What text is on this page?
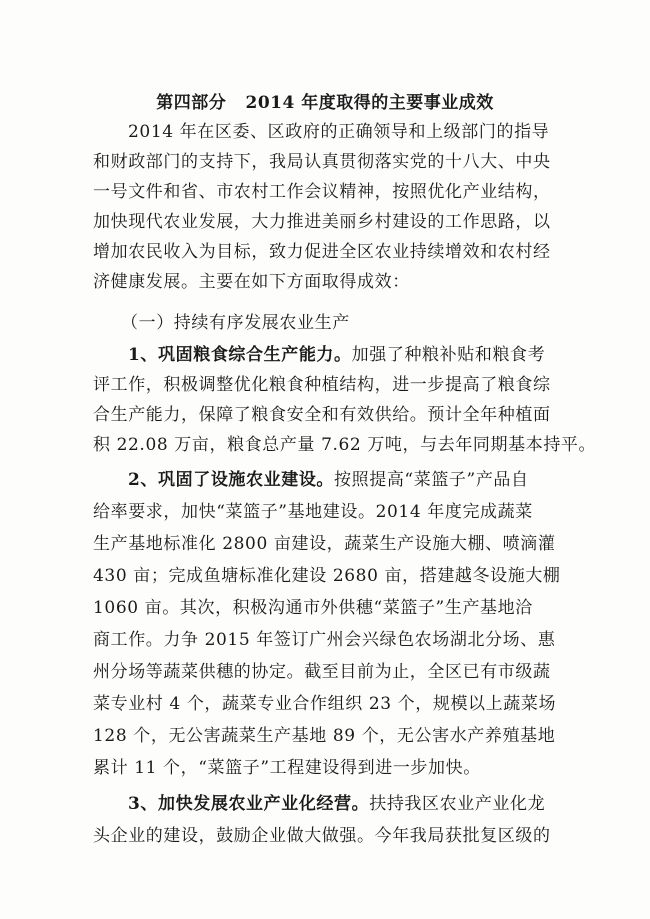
第四部分   2014 年度取得的主要事业成效
2014 年在区委、区政府的正确领导和上级部门的指导
和财政部门的支持下，我局认真贯彻落实党的十八大、中央
一号文件和省、市农村工作会议精神，按照优化产业结构，
加快现代农业发展，大力推进美丽乡村建设的工作思路，以
增加农民收入为目标，致力促进全区农业持续增效和农村经
济健康发展。主要在如下方面取得成效：
（一）持续有序发展农业生产
1、巩固粮食综合生产能力。加强了种粮补贴和粮食考
评工作，积极调整优化粮食种植结构，进一步提高了粮食综
合生产能力，保障了粮食安全和有效供给。预计全年种植面
积 22.08 万亩，粮食总产量 7.62 万吨，与去年同期基本持平。
2、巩固了设施农业建设。按照提高“菜篮子”产品自
给率要求，加快“菜篮子”基地建设。2014 年度完成蔬菜
生产基地标准化 2800 亩建设，蔬菜生产设施大棚、喷滴灌
430 亩；完成鱼塘标准化建设 2680 亩，搭建越冬设施大棚
1060 亩。其次，积极沟通市外供穗“菜篮子”生产基地洽
商工作。力争 2015 年签订广州会兴绿色农场湖北分场、惠
州分场等蔬菜供穗的协定。截至目前为止，全区已有市级蔬
菜专业村 4 个，蔬菜专业合作组织 23 个，规模以上蔬菜场
128 个，无公害蔬菜生产基地 89 个，无公害水产养殖基地
累计 11 个，“菜篮子”工程建设得到进一步加快。
3、加快发展农业产业化经营。扶持我区农业产业化龙
头企业的建设，鼓励企业做大做强。今年我局获批复区级的
